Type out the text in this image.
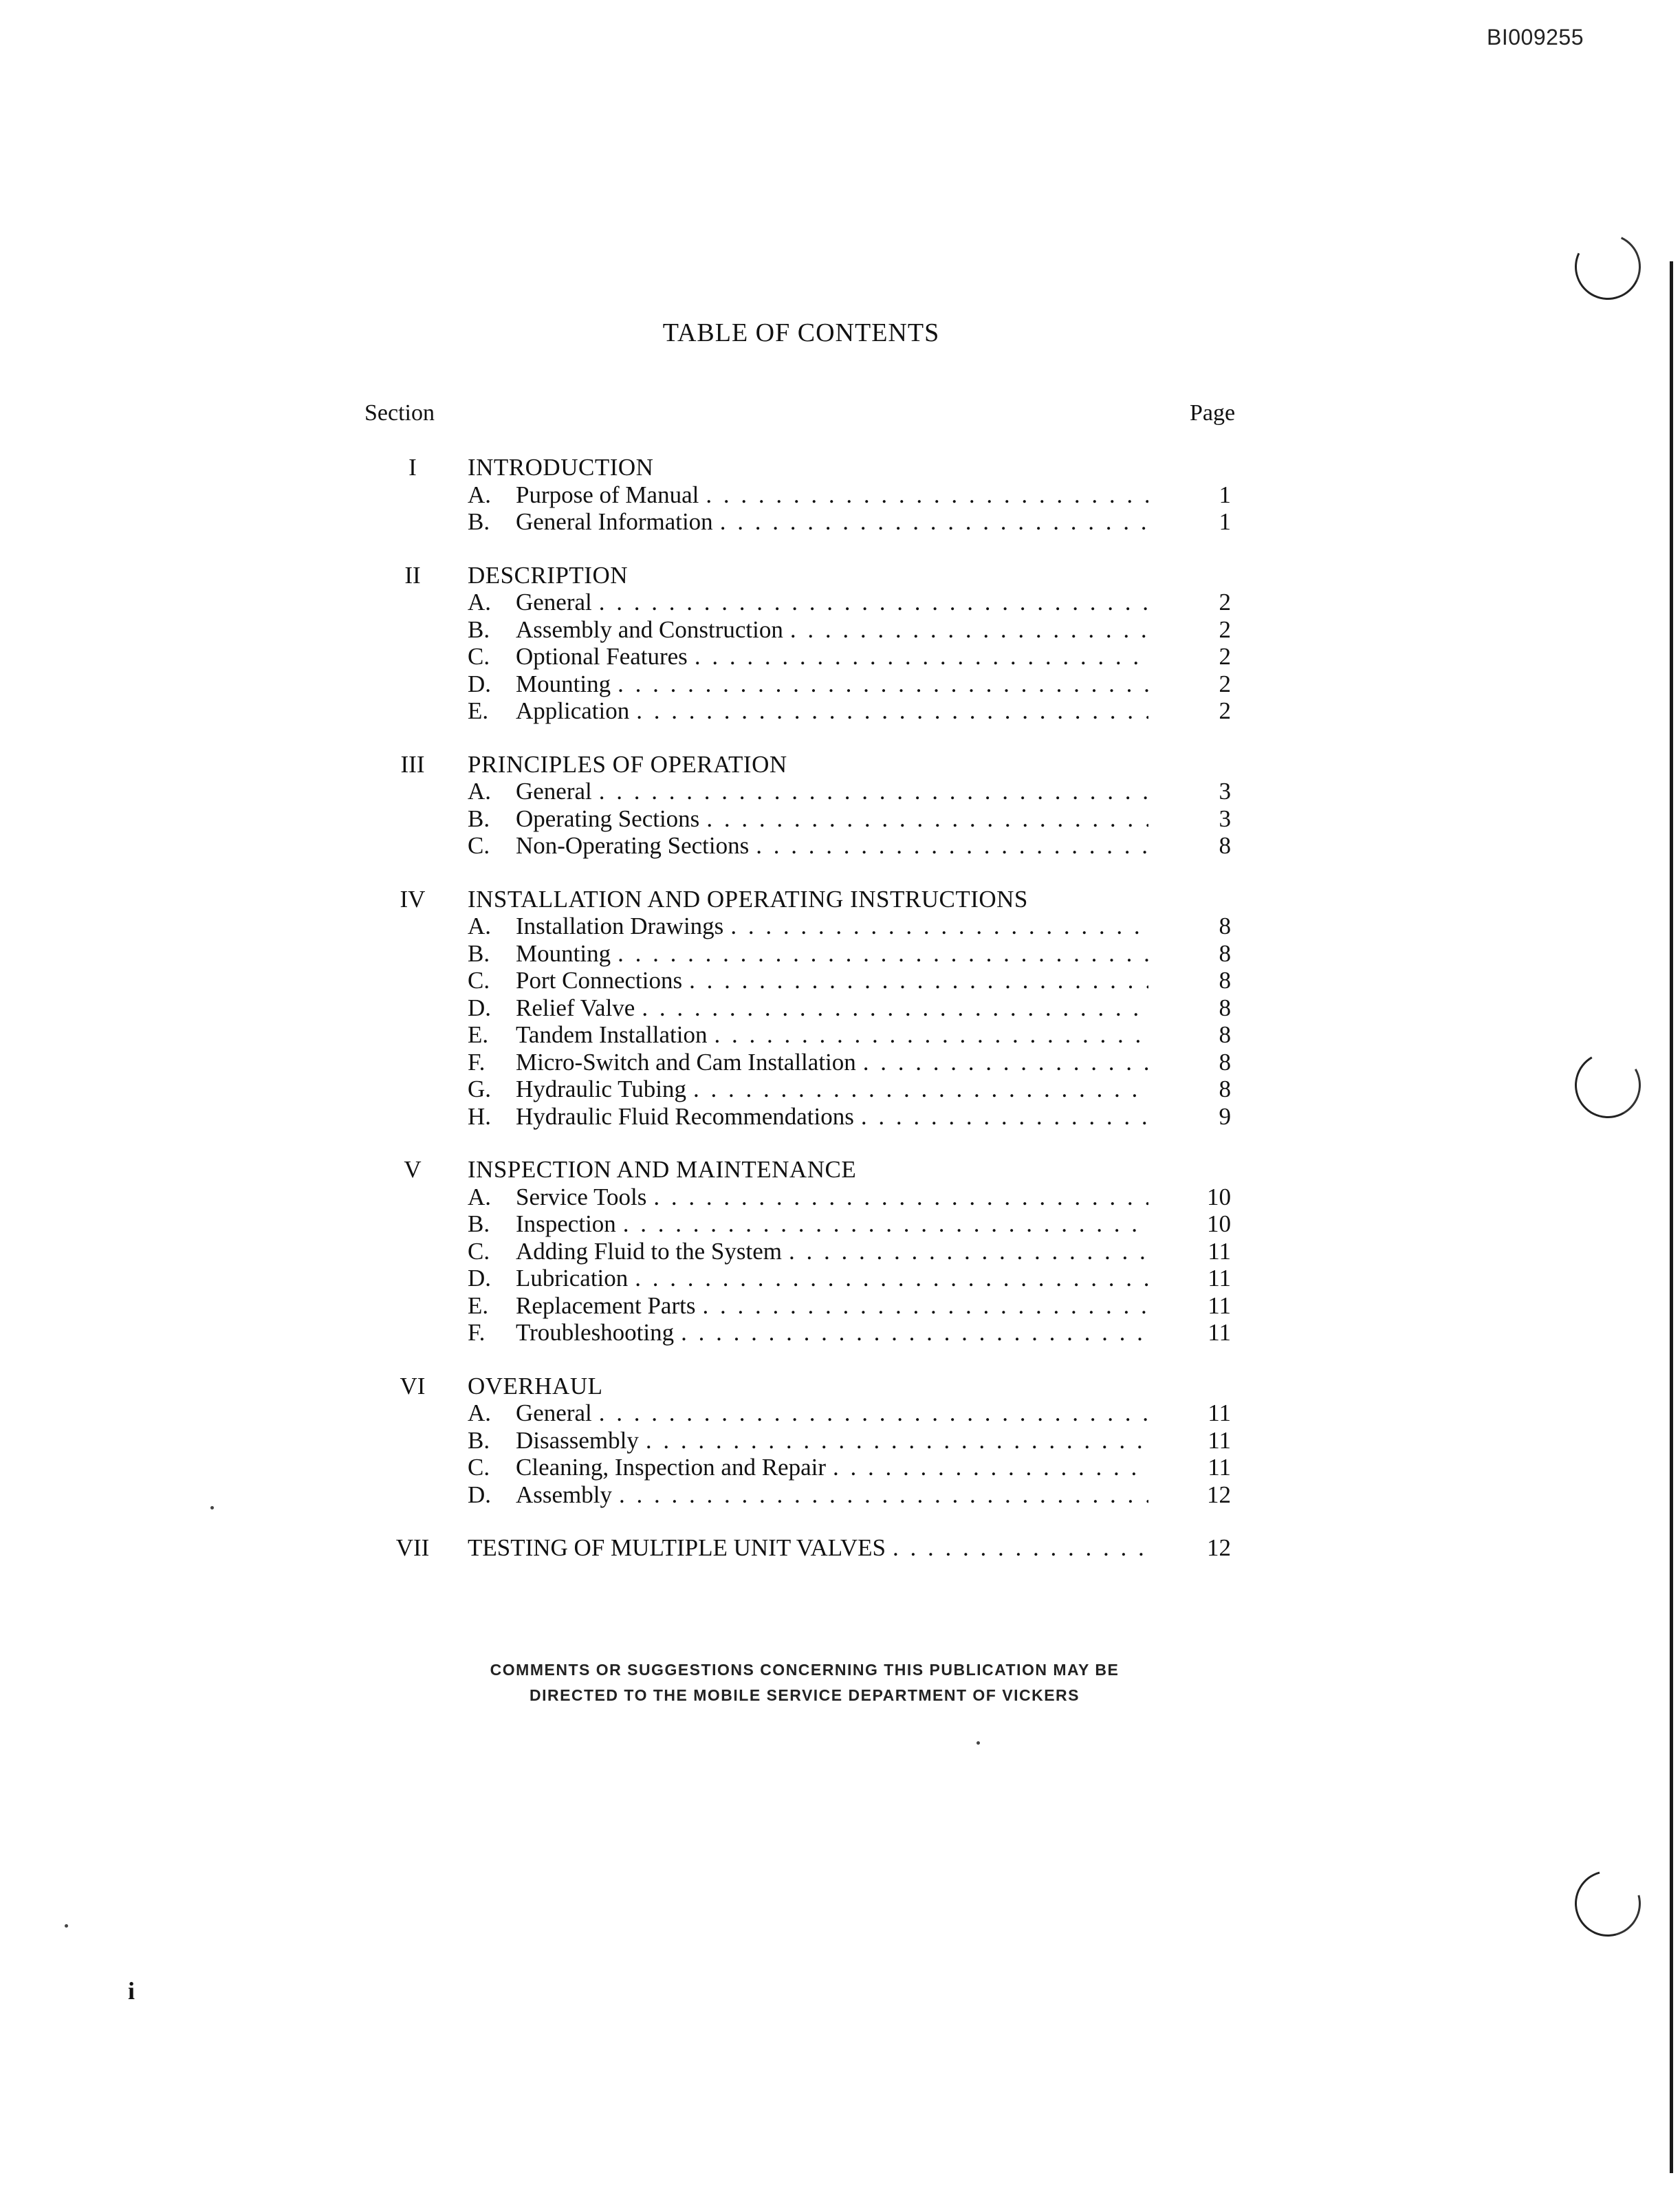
BI009255
TABLE OF CONTENTS
Section	Page
I	INTRODUCTION
A.	Purpose of Manual . . .	1
B.	General Information . . .	1
II	DESCRIPTION
A.	General . . .	2
B.	Assembly and Construction . . .	2
C.	Optional Features . . .	2
D.	Mounting . . .	2
E.	Application . . .	2
III	PRINCIPLES OF OPERATION
A.	General . . .	3
B.	Operating Sections . . .	3
C.	Non-Operating Sections . . .	8
IV	INSTALLATION AND OPERATING INSTRUCTIONS
A.	Installation Drawings . . .	8
B.	Mounting . . .	8
C.	Port Connections . . .	8
D.	Relief Valve . . .	8
E.	Tandem Installation . . .	8
F.	Micro-Switch and Cam Installation . . .	8
G.	Hydraulic Tubing . . .	8
H.	Hydraulic Fluid Recommendations . . .	9
V	INSPECTION AND MAINTENANCE
A.	Service Tools . . .	10
B.	Inspection . . .	10
C.	Adding Fluid to the System . . .	11
D.	Lubrication . . .	11
E.	Replacement Parts . . .	11
F.	Troubleshooting . . .	11
VI	OVERHAUL
A.	General . . .	11
B.	Disassembly . . .	11
C.	Cleaning, Inspection and Repair . . .	11
D.	Assembly . . .	12
VII	TESTING OF MULTIPLE UNIT VALVES . . .	12
COMMENTS OR SUGGESTIONS CONCERNING THIS PUBLICATION MAY BE
DIRECTED TO THE MOBILE SERVICE DEPARTMENT OF VICKERS
i
